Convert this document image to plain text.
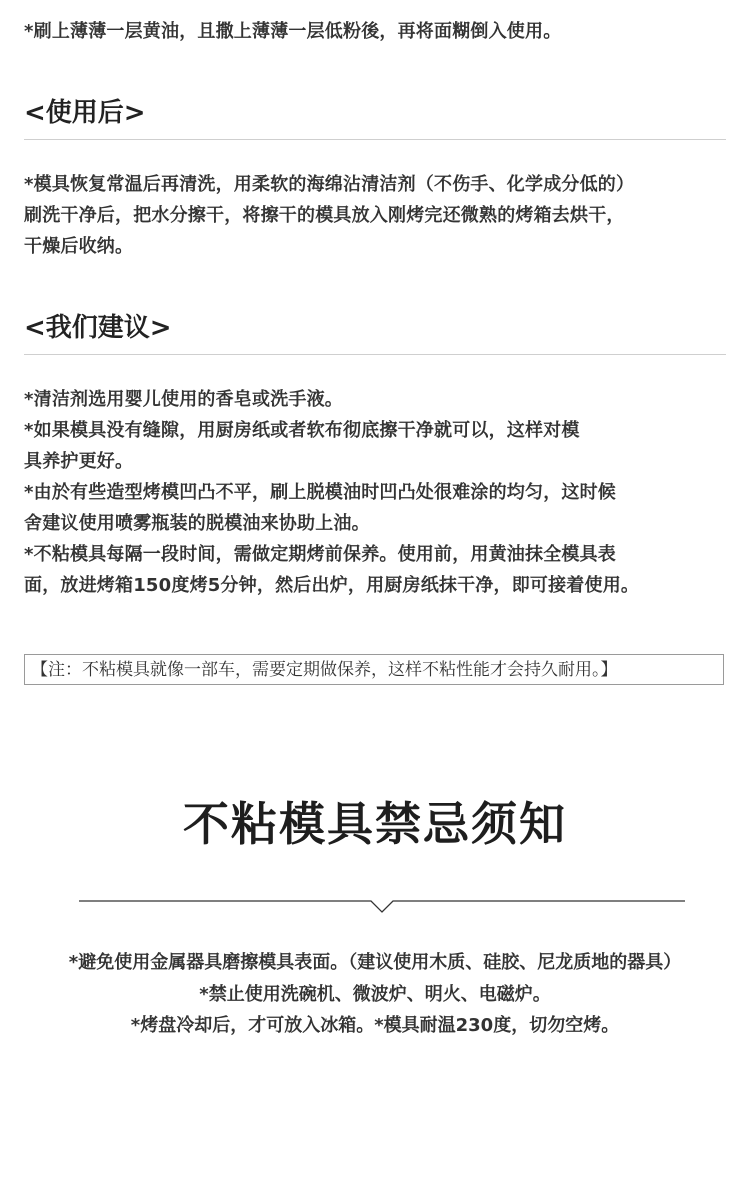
*刷上薄薄一层黄油，且撒上薄薄一层低粉後，再将面糊倒入使用。
<使用后>
*模具恢复常温后再清洗，用柔软的海绵沾清洁剂（不伤手、化学成分低的）
刷洗干净后，把水分擦干，将擦干的模具放入刚烤完还微熟的烤箱去烘干，
干燥后收纳。
<我们建议>
*清洁剂选用婴儿使用的香皂或洗手液。
*如果模具没有缝隙，用厨房纸或者软布彻底擦干净就可以，这样对模
具养护更好。
*由於有些造型烤模凹凸不平，刷上脱模油时凹凸处很难涂的均匀，这时候
舍建议使用喷雾瓶装的脱模油来协助上油。
*不粘模具每隔一段时间，需做定期烤前保养。使用前，用黄油抹全模具表
面，放进烤箱150度烤5分钟，然后出炉，用厨房纸抹干净，即可接着使用。
【注：不粘模具就像一部车，需要定期做保养，这样不粘性能才会持久耐用。】
不粘模具禁忌须知
*避免使用金属器具磨擦模具表面。（建议使用木质、硅胶、尼龙质地的器具）
*禁止使用洗碗机、微波炉、明火、电磁炉。
*烤盘冷却后，才可放入冰箱。*模具耐温230度，切勿空烤。
